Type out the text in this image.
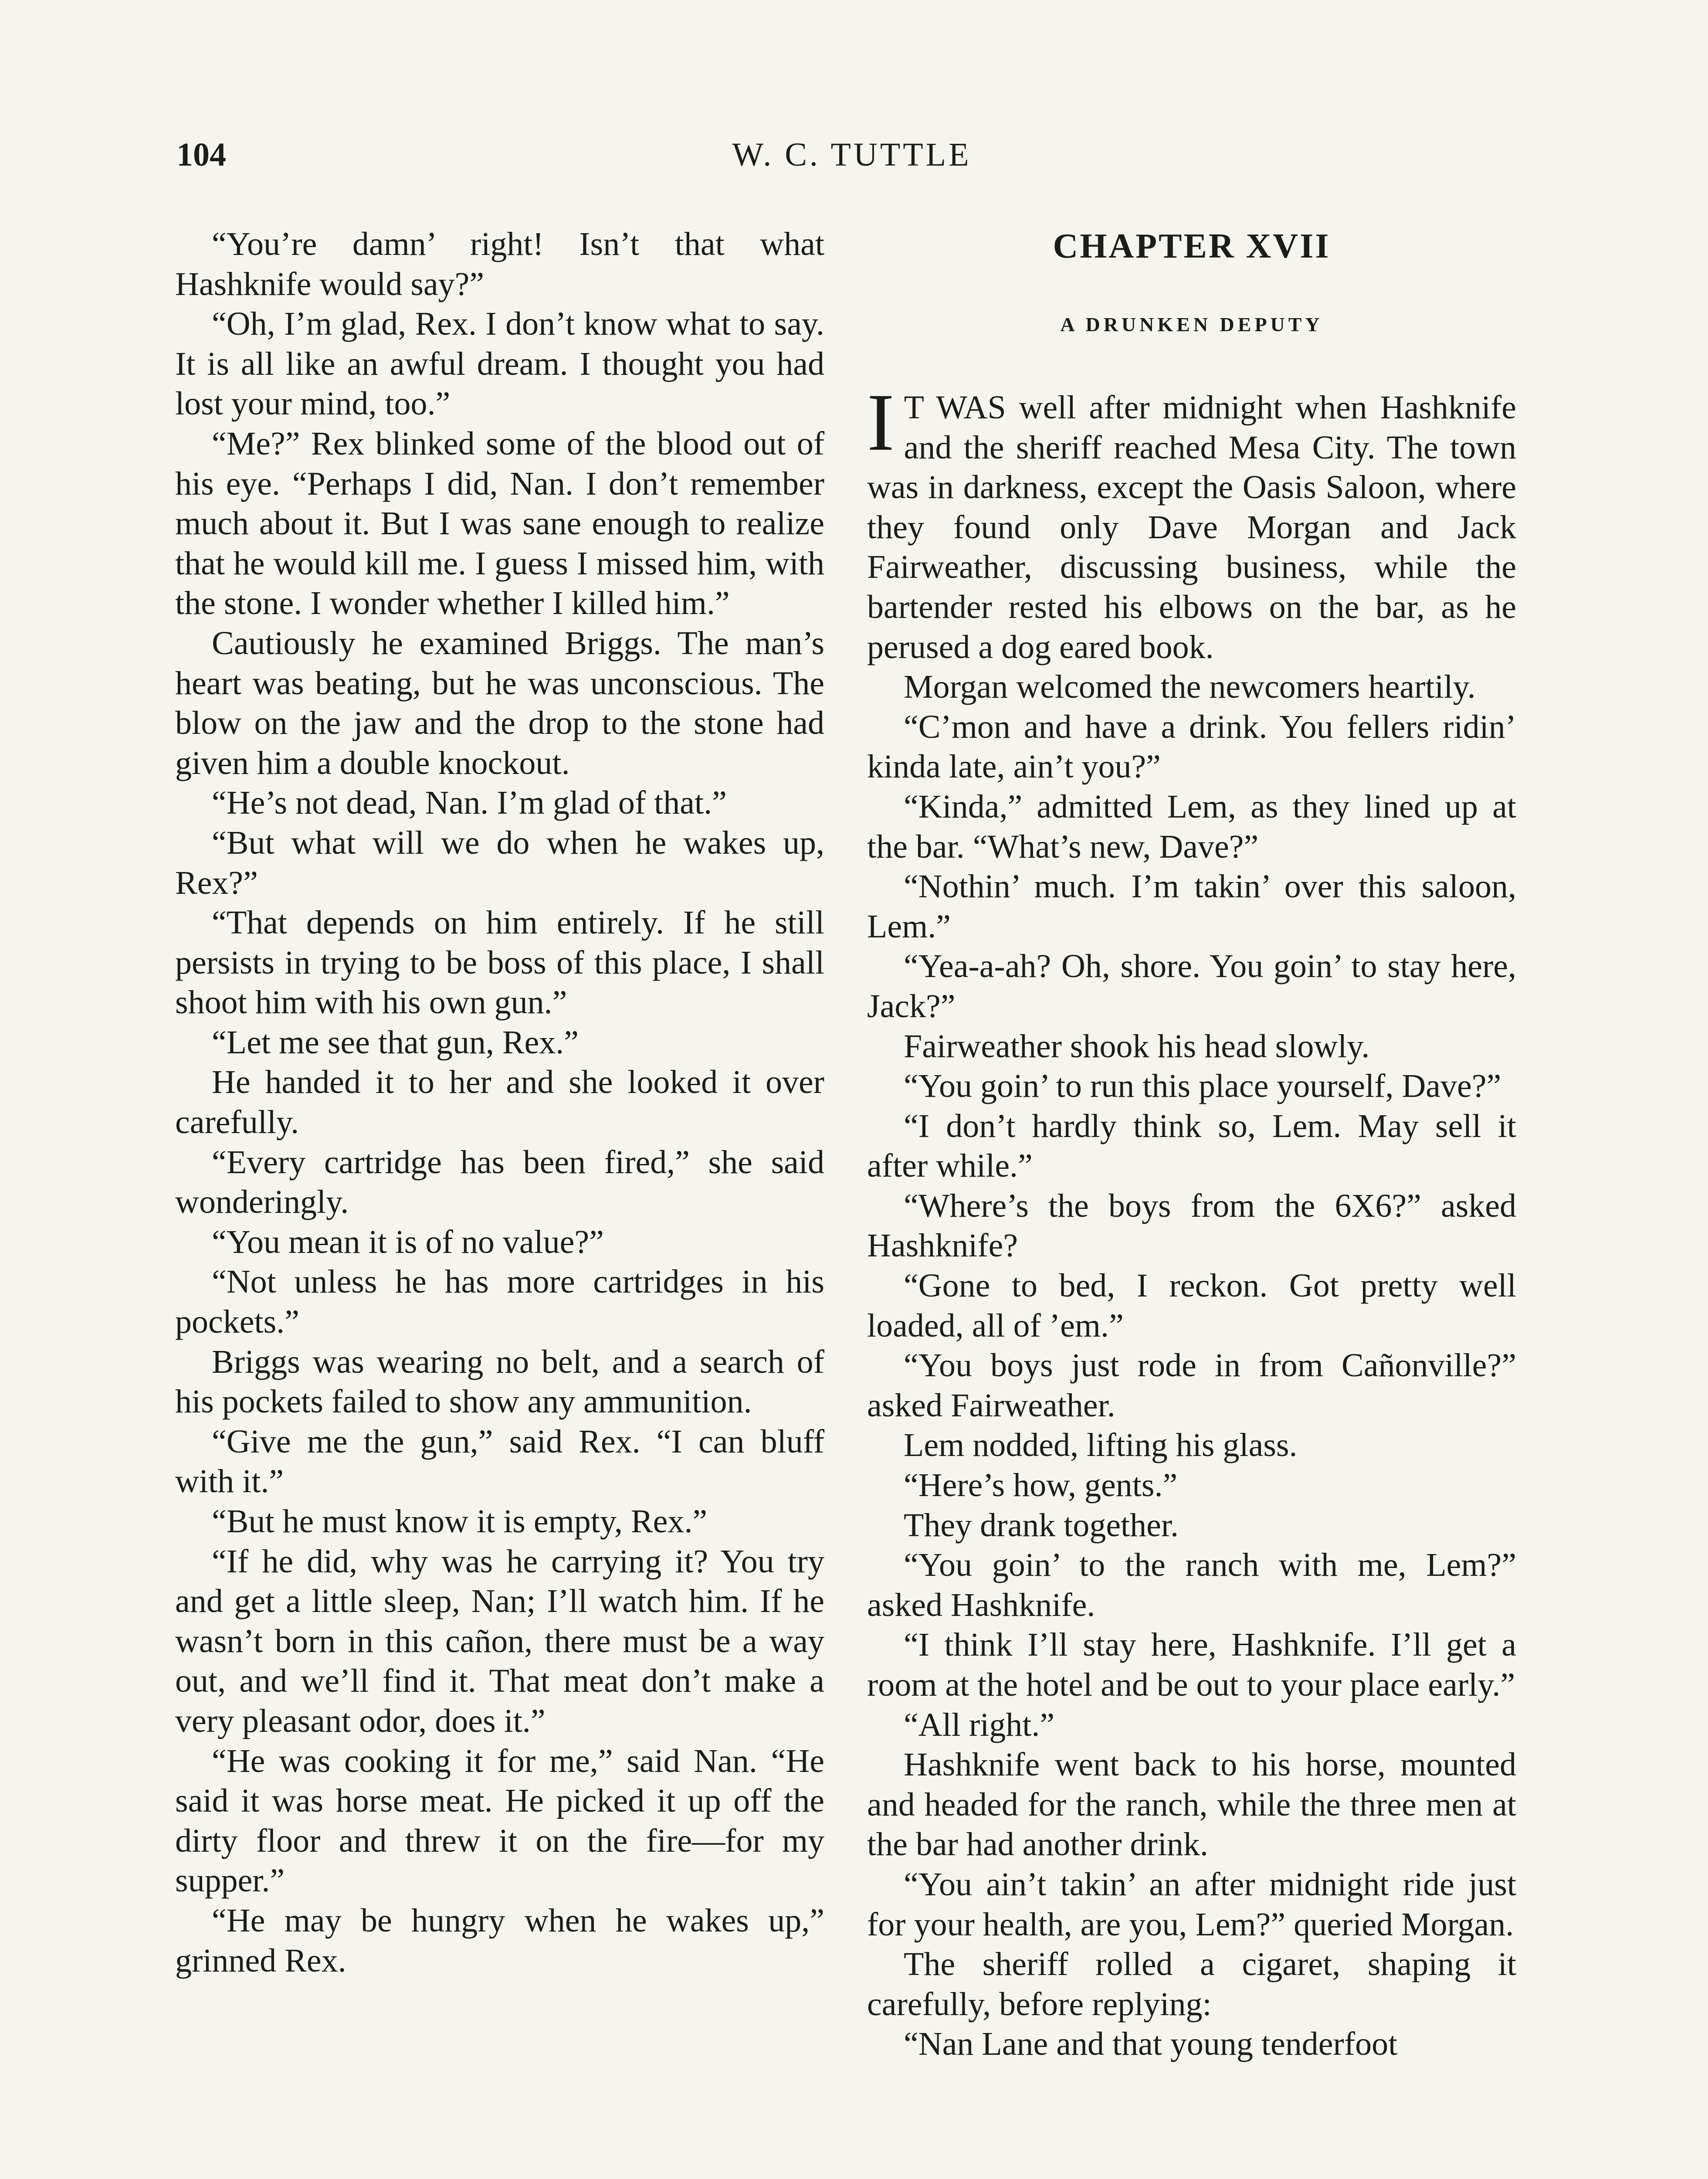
104	W. C. TUTTLE

“You’re damn’ right! Isn’t that what Hashknife would say?”

“Oh, I’m glad, Rex. I don’t know what to say. It is all like an awful dream. I thought you had lost your mind, too.”

“Me?” Rex blinked some of the blood out of his eye. “Perhaps I did, Nan. I don’t remember much about it. But I was sane enough to realize that he would kill me. I guess I missed him, with the stone. I wonder whether I killed him.”

Cautiously he examined Briggs. The man’s heart was beating, but he was unconscious. The blow on the jaw and the drop to the stone had given him a double knockout.

“He’s not dead, Nan. I’m glad of that.”

“But what will we do when he wakes up, Rex?”

“That depends on him entirely. If he still persists in trying to be boss of this place, I shall shoot him with his own gun.”

“Let me see that gun, Rex.”

He handed it to her and she looked it over carefully.

“Every cartridge has been fired,” she said wonderingly.

“You mean it is of no value?”

“Not unless he has more cartridges in his pockets.”

Briggs was wearing no belt, and a search of his pockets failed to show any ammunition.

“Give me the gun,” said Rex. “I can bluff with it.”

“But he must know it is empty, Rex.”

“If he did, why was he carrying it? You try and get a little sleep, Nan; I’ll watch him. If he wasn’t born in this cañon, there must be a way out, and we’ll find it. That meat don’t make a very pleasant odor, does it.”

“He was cooking it for me,” said Nan. “He said it was horse meat. He picked it up off the dirty floor and threw it on the fire—for my supper.”

“He may be hungry when he wakes up,” grinned Rex.

CHAPTER XVII
A DRUNKEN DEPUTY

I T WAS well after midnight when Hashknife and the sheriff reached Mesa City. The town was in darkness, except the Oasis Saloon, where they found only Dave Morgan and Jack Fairweather, discussing business, while the bartender rested his elbows on the bar, as he perused a dog eared book.

Morgan welcomed the newcomers heartily.

“C’mon and have a drink. You fellers ridin’ kinda late, ain’t you?”

“Kinda,” admitted Lem, as they lined up at the bar. “What’s new, Dave?”

“Nothin’ much. I’m takin’ over this saloon, Lem.”

“Yea-a-ah? Oh, shore. You goin’ to stay here, Jack?”

Fairweather shook his head slowly.

“You goin’ to run this place yourself, Dave?”

“I don’t hardly think so, Lem. May sell it after while.”

“Where’s the boys from the 6X6?” asked Hashknife?

“Gone to bed, I reckon. Got pretty well loaded, all of ’em.”

“You boys just rode in from Cañonville?” asked Fairweather.

Lem nodded, lifting his glass.

“Here’s how, gents.”

They drank together.

“You goin’ to the ranch with me, Lem?” asked Hashknife.

“I think I’ll stay here, Hashknife. I’ll get a room at the hotel and be out to your place early.”

“All right.”

Hashknife went back to his horse, mounted and headed for the ranch, while the three men at the bar had another drink.

“You ain’t takin’ an after midnight ride just for your health, are you, Lem?” queried Morgan.

The sheriff rolled a cigaret, shaping it carefully, before replying:

“Nan Lane and that young tenderfoot
